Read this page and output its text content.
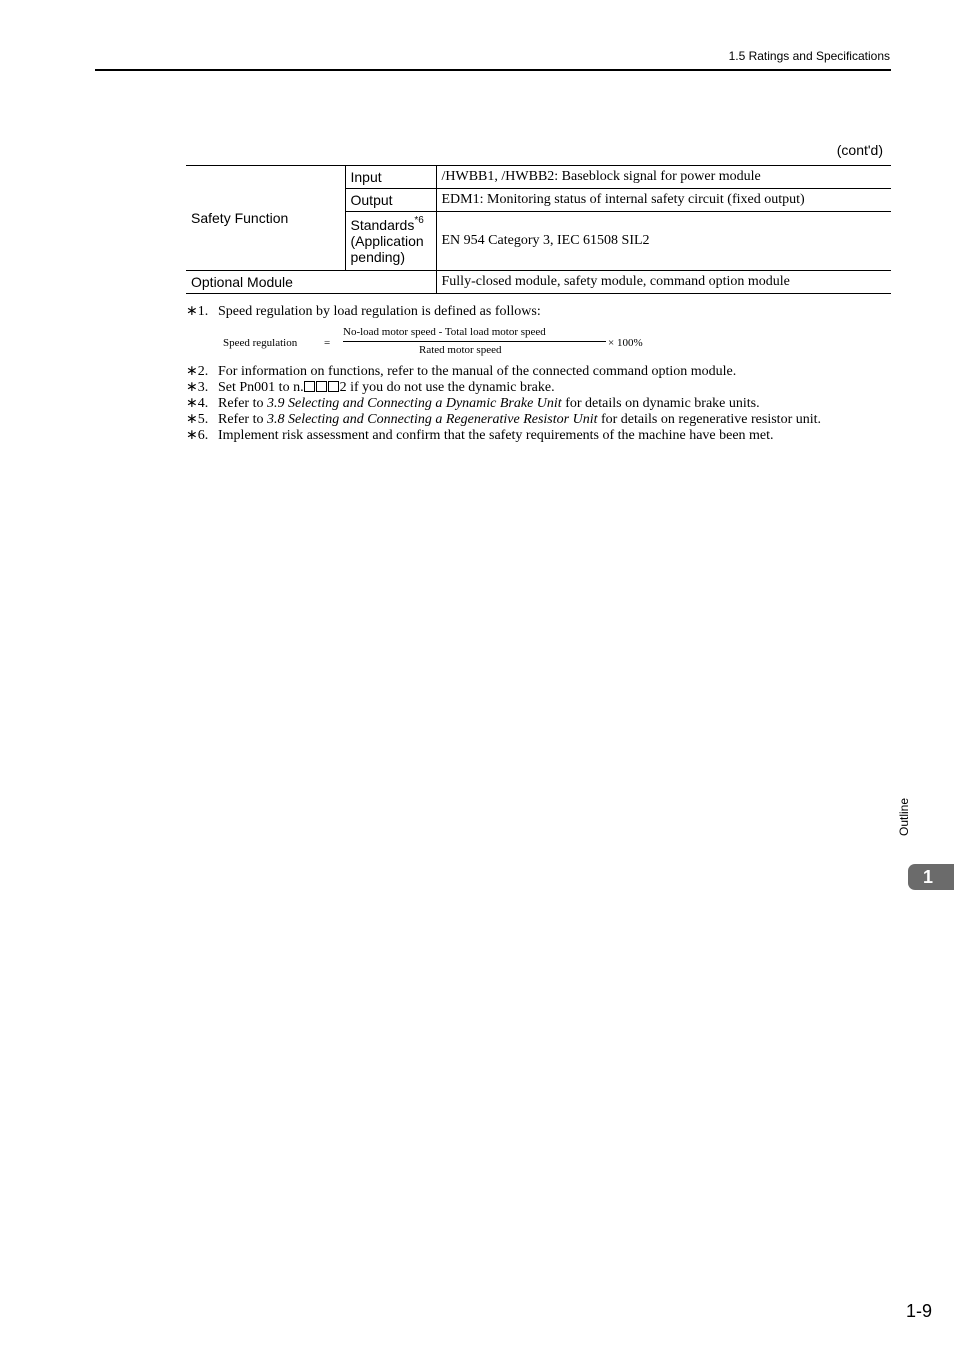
1.5 Ratings and Specifications
(cont'd)
Safety Function	Input	/HWBB1, /HWBB2: Baseblock signal for power module
	Output	EDM1: Monitoring status of internal safety circuit (fixed output)
	Standards$^{*6}$
(Application
pending)	EN 954 Category 3, IEC 61508 SIL2
Optional Module		Fully-closed module, safety module, command option module
∗1. Speed regulation by load regulation is defined as follows:
Speed regulation =
No-load motor speed - Total load motor speed
Rated motor speed
× 100%
∗2. For information on functions, refer to the manual of the connected command option module.
∗3. Set Pn001 to n.	2 if you do not use the dynamic brake.
∗4. Refer to 3.9 Selecting and Connecting a Dynamic Brake Unit for details on dynamic brake units.
∗5. Refer to 3.8 Selecting and Connecting a Regenerative Resistor Unit for details on regenerative resistor unit.
∗6. Implement risk assessment and confirm that the safety requirements of the machine have been met.
Outline
1
1-9
